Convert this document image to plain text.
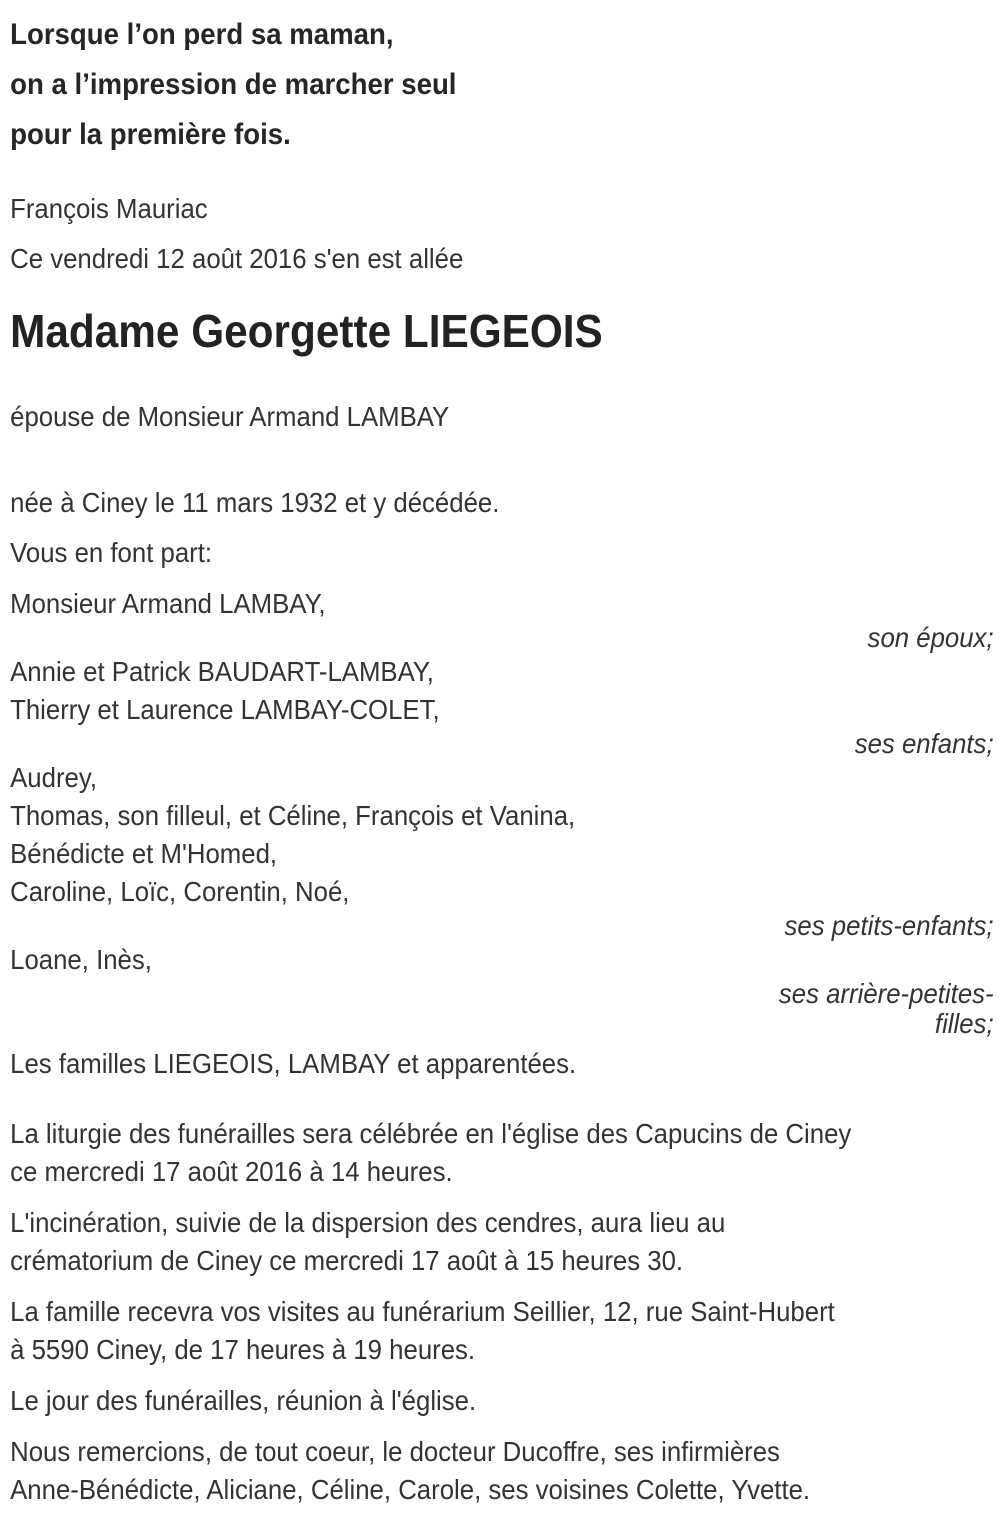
Lorsque l’on perd sa maman,
on a l’impression de marcher seul
pour la première fois.
François Mauriac
Ce vendredi 12 août 2016 s'en est allée
Madame Georgette LIEGEOIS
épouse de Monsieur Armand LAMBAY
née à Ciney le 11 mars 1932 et y décédée.
Vous en font part:
Monsieur Armand LAMBAY,
son époux;
Annie et Patrick BAUDART-LAMBAY,
Thierry et Laurence LAMBAY-COLET,
ses enfants;
Audrey,
Thomas, son filleul, et Céline, François et Vanina,
Bénédicte et M'Homed,
Caroline, Loïc, Corentin, Noé,
ses petits-enfants;
Loane, Inès,
ses arrière-petites-
filles;
Les familles LIEGEOIS, LAMBAY et apparentées.
La liturgie des funérailles sera célébrée en l'église des Capucins de Ciney
ce mercredi 17 août 2016 à 14 heures.
L'incinération, suivie de la dispersion des cendres, aura lieu au
crématorium de Ciney ce mercredi 17 août à 15 heures 30.
La famille recevra vos visites au funérarium Seillier, 12, rue Saint-Hubert
à 5590 Ciney, de 17 heures à 19 heures.
Le jour des funérailles, réunion à l'église.
Nous remercions, de tout coeur, le docteur Ducoffre, ses infirmières
Anne-Bénédicte, Aliciane, Céline, Carole, ses voisines Colette, Yvette.
